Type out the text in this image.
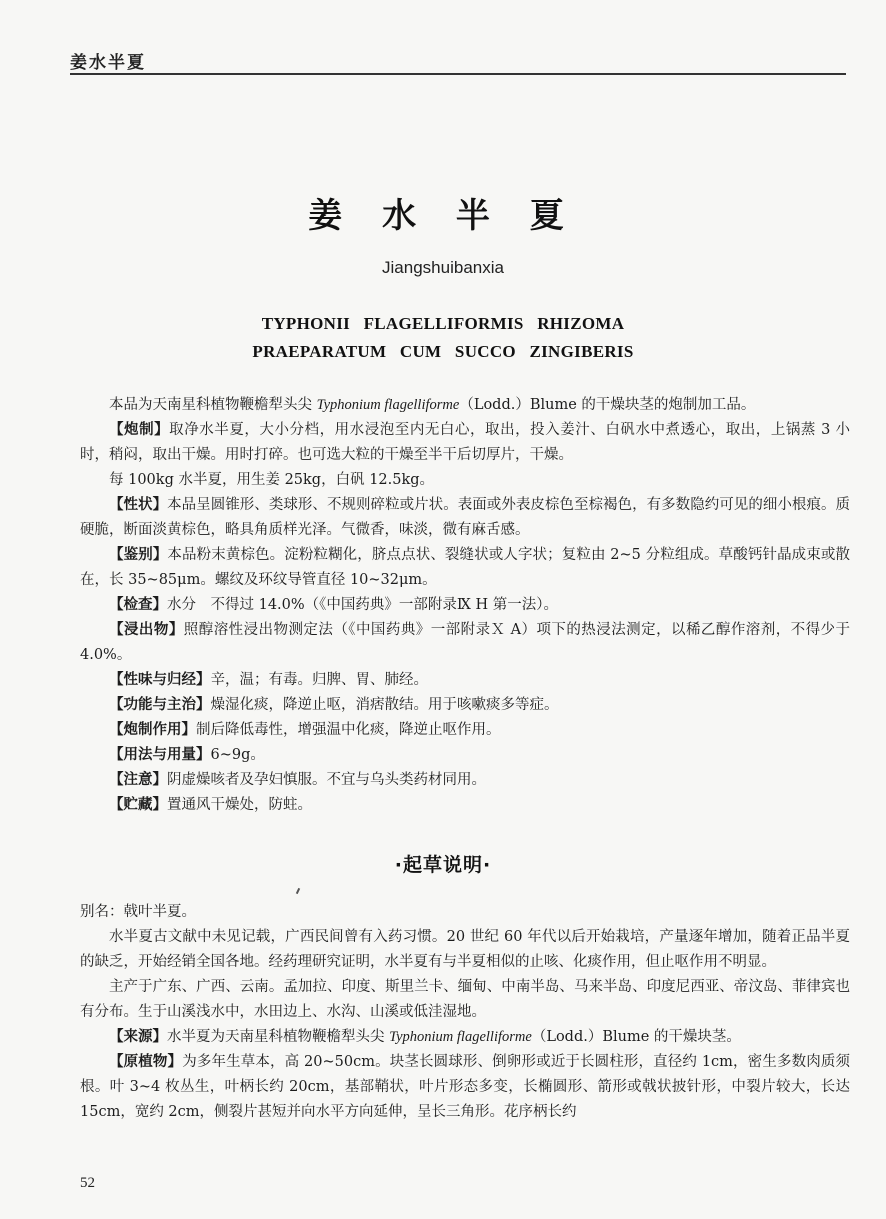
姜水半夏
姜 水 半 夏
Jiangshuibanxia
TYPHONII FLAGELLIFORMIS RHIZOMA
PRAEPARATUM CUM SUCCO ZINGIBERIS

本品为天南星科植物鞭檐犁头尖 Typhonium flagelliforme（Lodd.）Blume 的干燥块茎的炮制加工品。

【炮制】取净水半夏，大小分档，用水浸泡至内无白心，取出，投入姜汁、白矾水中煮透心，取出，上锅蒸 3 小时，稍闷，取出干燥。用时打碎。也可选大粒的干燥至半干后切厚片，干燥。

每 100kg 水半夏，用生姜 25kg，白矾 12.5kg。

【性状】本品呈圆锥形、类球形、不规则碎粒或片状。表面或外表皮棕色至棕褐色，有多数隐约可见的细小根痕。质硬脆，断面淡黄棕色，略具角质样光泽。气微香，味淡，微有麻舌感。

【鉴别】本品粉末黄棕色。淀粉粒糊化，脐点点状、裂缝状或人字状；复粒由 2~5 分粒组成。草酸钙针晶成束或散在，长 35~85μm。螺纹及环纹导管直径 10~32μm。

【检查】水分　不得过 14.0%（《中国药典》一部附录Ⅸ H 第一法）。

【浸出物】照醇溶性浸出物测定法（《中国药典》一部附录Ｘ A）项下的热浸法测定，以稀乙醇作溶剂，不得少于 4.0%。

【性味与归经】辛，温；有毒。归脾、胃、肺经。

【功能与主治】燥湿化痰，降逆止呕，消痞散结。用于咳嗽痰多等症。

【炮制作用】制后降低毒性，增强温中化痰，降逆止呕作用。

【用法与用量】6~9g。

【注意】阴虚燥咳者及孕妇慎服。不宜与乌头类药材同用。

【贮藏】置通风干燥处，防蛀。

·起草说明·

别名：戟叶半夏。

水半夏古文献中未见记载，广西民间曾有入药习惯。20 世纪 60 年代以后开始栽培，产量逐年增加，随着正品半夏的缺乏，开始经销全国各地。经药理研究证明，水半夏有与半夏相似的止咳、化痰作用，但止呕作用不明显。

主产于广东、广西、云南。孟加拉、印度、斯里兰卡、缅甸、中南半岛、马来半岛、印度尼西亚、帝汶岛、菲律宾也有分布。生于山溪浅水中，水田边上、水沟、山溪或低洼湿地。

【来源】水半夏为天南星科植物鞭檐犁头尖 Typhonium flagelliforme（Lodd.）Blume 的干燥块茎。

【原植物】为多年生草本，高 20~50cm。块茎长圆球形、倒卵形或近于长圆柱形，直径约 1cm，密生多数肉质须根。叶 3~4 枚丛生，叶柄长约 20cm，基部鞘状，叶片形态多变，长椭圆形、箭形或戟状披针形，中裂片较大，长达 15cm，宽约 2cm，侧裂片甚短并向水平方向延伸，呈长三角形。花序柄长约

52
